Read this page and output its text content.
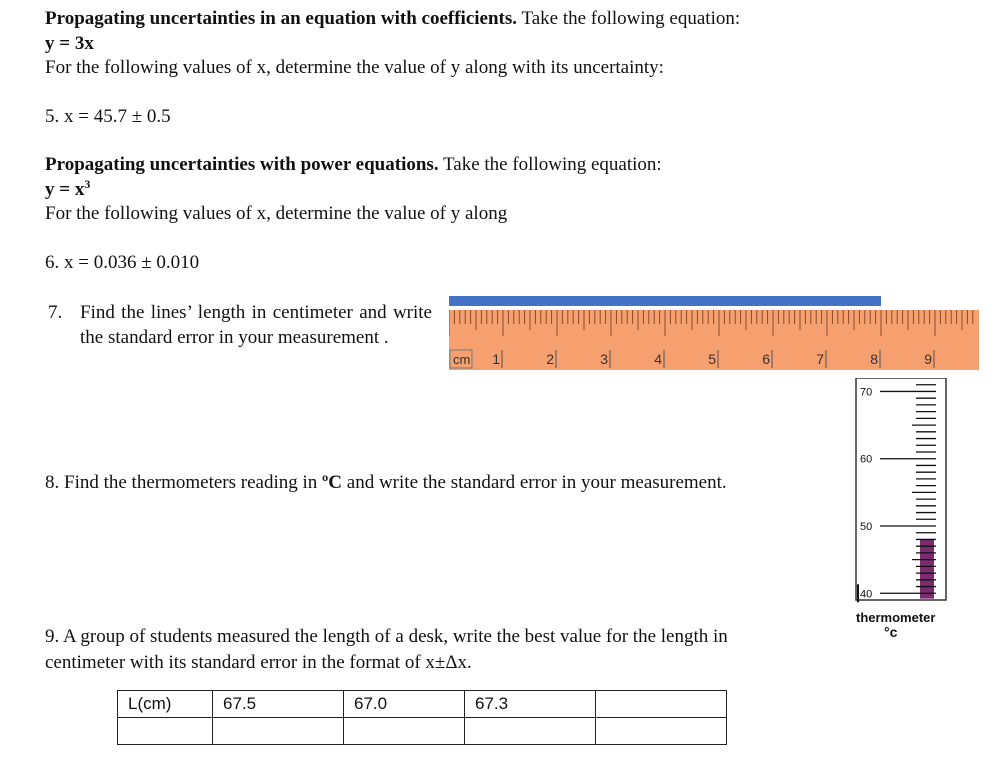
Propagating uncertainties in an equation with coefficients. Take the following equation:
y = 3x
For the following values of x, determine the value of y along with its uncertainty:
5. x = 45.7 ± 0.5
Propagating uncertainties with power equations. Take the following equation:
$y = x^3$
For the following values of x, determine the value of y along
6. x = 0.036 ± 0.010
7. Find the lines’ length in centimeter and write the standard error in your measurement .
1	2	3	4	5	6	7	8	9
cm
8. Find the thermometers reading in ºC and write the standard error in your measurement.
70
60
50
40
thermometer
°c
9. A group of students measured the length of a desk, write the best value for the length in
centimeter with its standard error in the format of x±Δx.
L(cm)	67.5	67.0	67.3	
